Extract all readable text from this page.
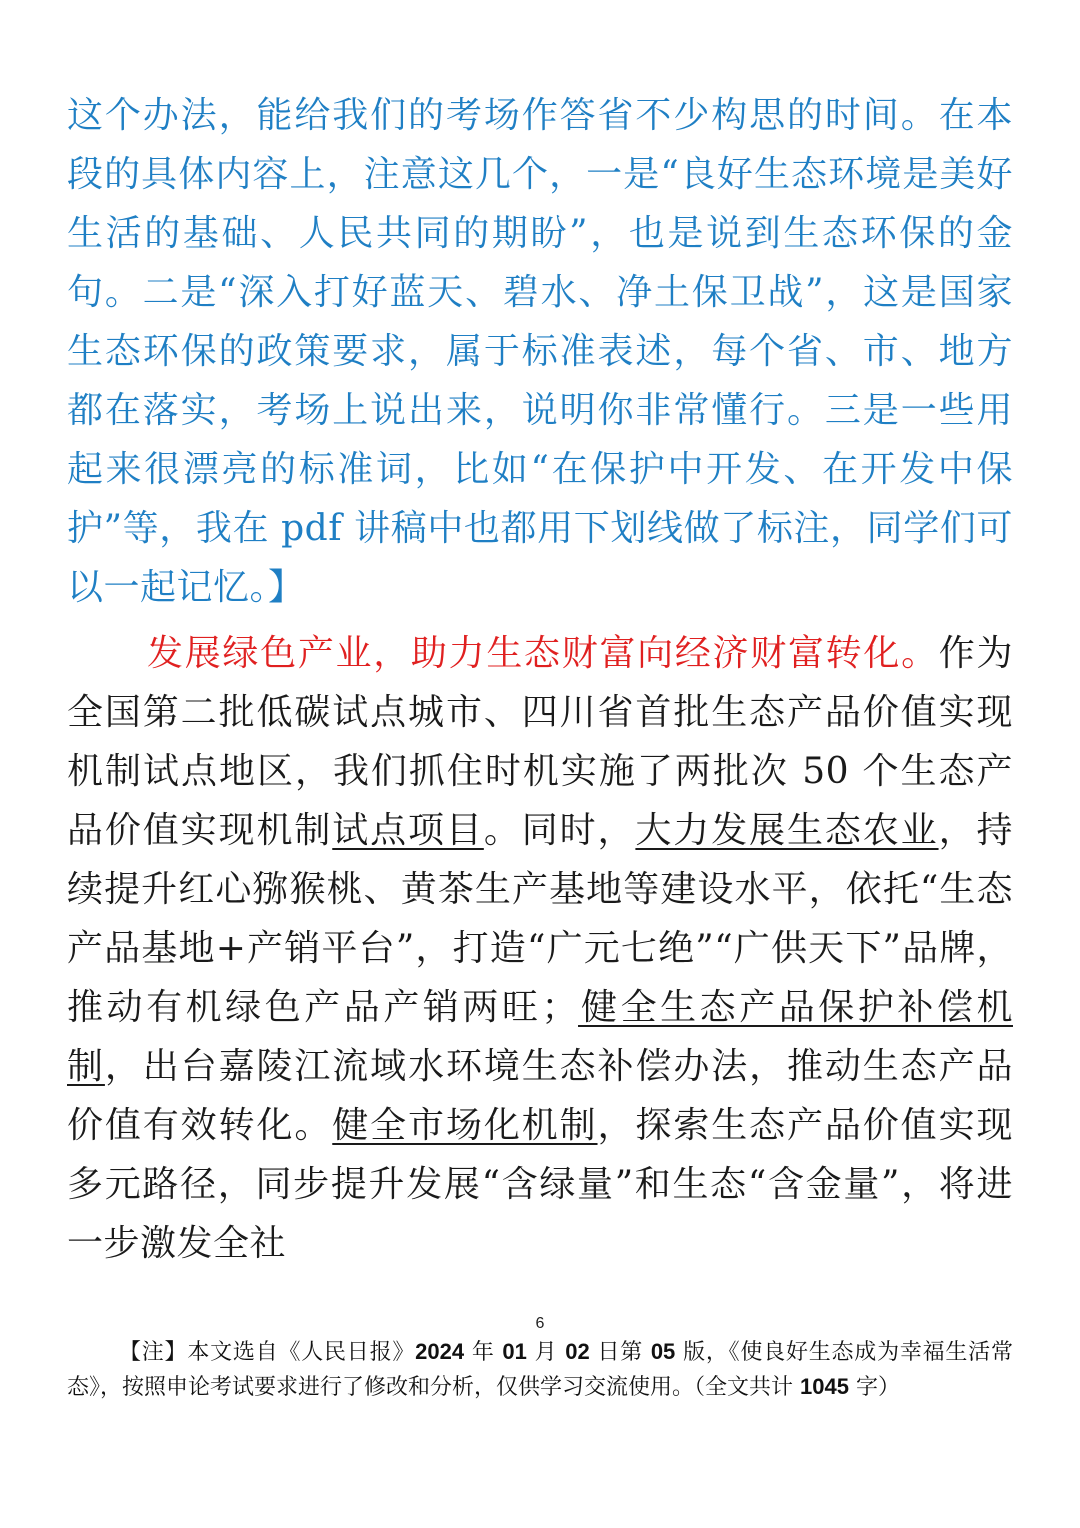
这个办法，能给我们的考场作答省不少构思的时间。在本段的具体内容上，注意这几个，一是“良好生态环境是美好生活的基础、人民共同的期盼”，也是说到生态环保的金句。二是“深入打好蓝天、碧水、净土保卫战”，这是国家生态环保的政策要求，属于标准表述，每个省、市、地方都在落实，考场上说出来，说明你非常懂行。三是一些用起来很漂亮的标准词，比如“在保护中开发、在开发中保护”等，我在 pdf 讲稿中也都用下划线做了标注，同学们可以一起记忆。】

发展绿色产业，助力生态财富向经济财富转化。作为全国第二批低碳试点城市、四川省首批生态产品价值实现机制试点地区，我们抓住时机实施了两批次 50 个生态产品价值实现机制试点项目。同时，大力发展生态农业，持续提升红心猕猴桃、黄茶生产基地等建设水平，依托“生态产品基地+产销平台”，打造“广元七绝”“广供天下”品牌，推动有机绿色产品产销两旺；健全生态产品保护补偿机制，出台嘉陵江流域水环境生态补偿办法，推动生态产品价值有效转化。健全市场化机制，探索生态产品价值实现多元路径，同步提升发展“含绿量”和生态“含金量”，将进一步激发全社

6

【注】本文选自《人民日报》2024 年 01 月 02 日第 05 版，《使良好生态成为幸福生活常态》，按照申论考试要求进行了修改和分析，仅供学习交流使用。（全文共计 1045 字）
